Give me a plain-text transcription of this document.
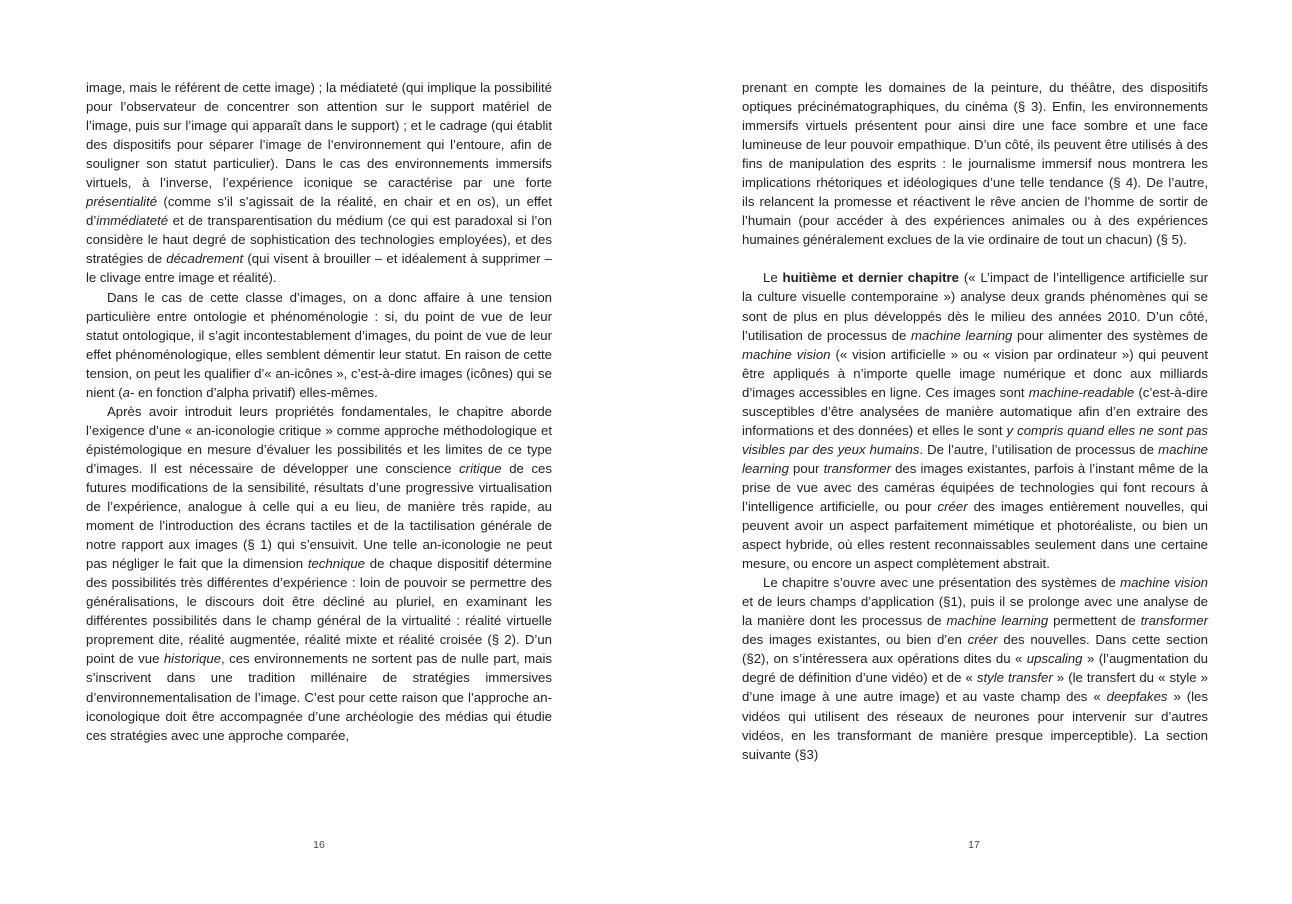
image, mais le référent de cette image) ; la médiateté (qui implique la possibilité pour l’observateur de concentrer son attention sur le support matériel de l’image, puis sur l’image qui apparaît dans le support) ; et le cadrage (qui établit des dispositifs pour séparer l’image de l’environnement qui l’entoure, afin de souligner son statut particulier). Dans le cas des environnements immersifs virtuels, à l’inverse, l’expérience iconique se caractérise par une forte présentialité (comme s’il s’agissait de la réalité, en chair et en os), un effet d’immédiateté et de transparentisation du médium (ce qui est paradoxal si l’on considère le haut degré de sophistication des technologies employées), et des stratégies de décadrement (qui visent à brouiller – et idéalement à supprimer – le clivage entre image et réalité).

Dans le cas de cette classe d’images, on a donc affaire à une tension particulière entre ontologie et phénoménologie : si, du point de vue de leur statut ontologique, il s’agit incontestablement d’images, du point de vue de leur effet phénoménologique, elles semblent démentir leur statut. En raison de cette tension, on peut les qualifier d’« an-icônes », c’est-à-dire images (icônes) qui se nient (a- en fonction d’alpha privatif) elles-mêmes.

Après avoir introduit leurs propriétés fondamentales, le chapitre aborde l’exigence d’une « an-iconologie critique » comme approche méthodologique et épistémologique en mesure d’évaluer les possibilités et les limites de ce type d’images. Il est nécessaire de développer une conscience critique de ces futures modifications de la sensibilité, résultats d’une progressive virtualisation de l’expérience, analogue à celle qui a eu lieu, de manière très rapide, au moment de l’introduction des écrans tactiles et de la tactilisation générale de notre rapport aux images (§ 1) qui s’ensuivit. Une telle an-iconologie ne peut pas négliger le fait que la dimension technique de chaque dispositif détermine des possibilités très différentes d’expérience : loin de pouvoir se permettre des généralisations, le discours doit être décliné au pluriel, en examinant les différentes possibilités dans le champ général de la virtualité : réalité virtuelle proprement dite, réalité augmentée, réalité mixte et réalité croisée (§ 2). D’un point de vue historique, ces environnements ne sortent pas de nulle part, mais s’inscrivent dans une tradition millénaire de stratégies immersives d’environnementalisation de l’image. C’est pour cette raison que l’approche an-iconologique doit être accompagnée d’une archéologie des médias qui étudie ces stratégies avec une approche comparée,

16

prenant en compte les domaines de la peinture, du théâtre, des dispositifs optiques précinématographiques, du cinéma (§ 3). Enfin, les environnements immersifs virtuels présentent pour ainsi dire une face sombre et une face lumineuse de leur pouvoir empathique. D’un côté, ils peuvent être utilisés à des fins de manipulation des esprits : le journalisme immersif nous montrera les implications rhétoriques et idéologiques d’une telle tendance (§ 4). De l’autre, ils relancent la promesse et réactivent le rêve ancien de l’homme de sortir de l’humain (pour accéder à des expériences animales ou à des expériences humaines généralement exclues de la vie ordinaire de tout un chacun) (§ 5).

Le huitième et dernier chapitre (« L’impact de l’intelligence artificielle sur la culture visuelle contemporaine ») analyse deux grands phénomènes qui se sont de plus en plus développés dès le milieu des années 2010. D’un côté, l’utilisation de processus de machine learning pour alimenter des systèmes de machine vision (« vision artificielle » ou « vision par ordinateur ») qui peuvent être appliqués à n’importe quelle image numérique et donc aux milliards d’images accessibles en ligne. Ces images sont machine-readable (c’est-à-dire susceptibles d’être analysées de manière automatique afin d’en extraire des informations et des données) et elles le sont y compris quand elles ne sont pas visibles par des yeux humains. De l’autre, l’utilisation de processus de machine learning pour transformer des images existantes, parfois à l’instant même de la prise de vue avec des caméras équipées de technologies qui font recours à l’intelligence artificielle, ou pour créer des images entièrement nouvelles, qui peuvent avoir un aspect parfaitement mimétique et photoréaliste, ou bien un aspect hybride, où elles restent reconnaissables seulement dans une certaine mesure, ou encore un aspect complètement abstrait.

Le chapitre s’ouvre avec une présentation des systèmes de machine vision et de leurs champs d’application (§1), puis il se prolonge avec une analyse de la manière dont les processus de machine learning permettent de transformer des images existantes, ou bien d’en créer des nouvelles. Dans cette section (§2), on s’intéressera aux opérations dites du « upscaling » (l’augmentation du degré de définition d’une vidéo) et de « style transfer » (le transfert du « style » d’une image à une autre image) et au vaste champ des « deepfakes » (les vidéos qui utilisent des réseaux de neurones pour intervenir sur d’autres vidéos, en les transformant de manière presque imperceptible). La section suivante (§3)

17
